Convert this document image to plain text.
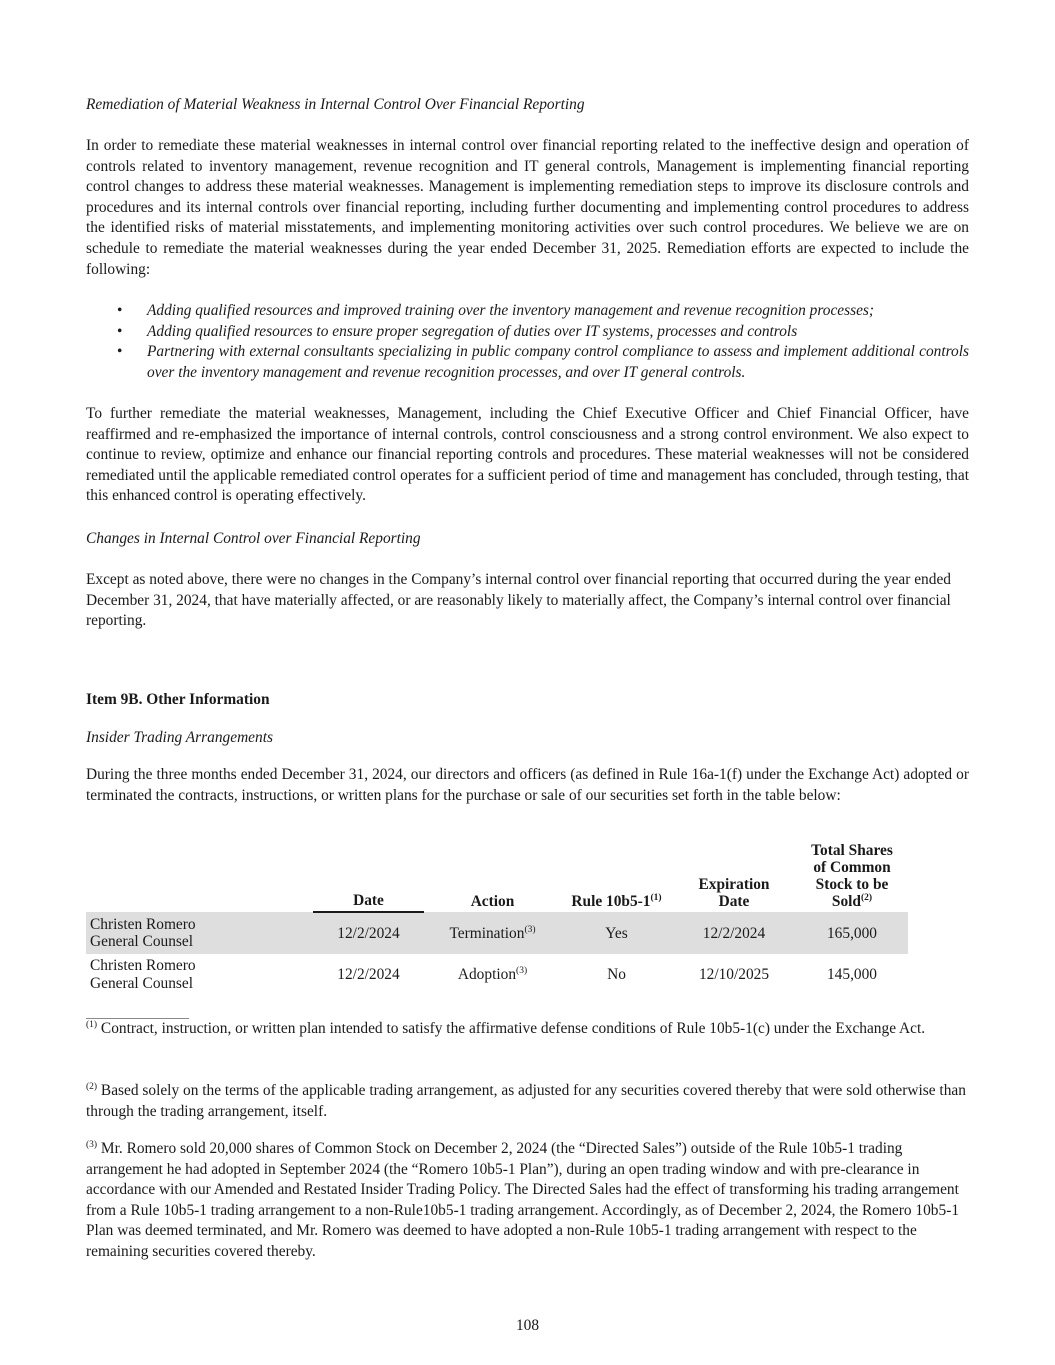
Remediation of Material Weakness in Internal Control Over Financial Reporting

In order to remediate these material weaknesses in internal control over financial reporting related to the ineffective design and operation of controls related to inventory management, revenue recognition and IT general controls, Management is implementing financial reporting control changes to address these material weaknesses. Management is implementing remediation steps to improve its disclosure controls and procedures and its internal controls over financial reporting, including further documenting and implementing control procedures to address the identified risks of material misstatements, and implementing monitoring activities over such control procedures. We believe we are on schedule to remediate the material weaknesses during the year ended December 31, 2025. Remediation efforts are expected to include the following:

• Adding qualified resources and improved training over the inventory management and revenue recognition processes;
• Adding qualified resources to ensure proper segregation of duties over IT systems, processes and controls
• Partnering with external consultants specializing in public company control compliance to assess and implement additional controls over the inventory management and revenue recognition processes, and over IT general controls.

To further remediate the material weaknesses, Management, including the Chief Executive Officer and Chief Financial Officer, have reaffirmed and re-emphasized the importance of internal controls, control consciousness and a strong control environment. We also expect to continue to review, optimize and enhance our financial reporting controls and procedures. These material weaknesses will not be considered remediated until the applicable remediated control operates for a sufficient period of time and management has concluded, through testing, that this enhanced control is operating effectively.

Changes in Internal Control over Financial Reporting

Except as noted above, there were no changes in the Company’s internal control over financial reporting that occurred during the year ended December 31, 2024, that have materially affected, or are reasonably likely to materially affect, the Company’s internal control over financial reporting.

Item 9B. Other Information

Insider Trading Arrangements

During the three months ended December 31, 2024, our directors and officers (as defined in Rule 16a-1(f) under the Exchange Act) adopted or terminated the contracts, instructions, or written plans for the purchase or sale of our securities set forth in the table below:

	Date	Action	Rule 10b5-1$^{(1)}$	Expiration
Date	Total Shares
of Common
Stock to be
Sold$^{(2)}$
Christen Romero
General Counsel	12/2/2024	Termination$^{(3)}$	Yes	12/2/2024	165,000
Christen Romero
General Counsel	12/2/2024	Adoption$^{(3)}$	No	12/10/2025	145,000

$^{(1)}$ Contract, instruction, or written plan intended to satisfy the affirmative defense conditions of Rule 10b5-1(c) under the Exchange Act.

$^{(2)}$ Based solely on the terms of the applicable trading arrangement, as adjusted for any securities covered thereby that were sold otherwise than through the trading arrangement, itself.

$^{(3)}$ Mr. Romero sold 20,000 shares of Common Stock on December 2, 2024 (the “Directed Sales”) outside of the Rule 10b5-1 trading arrangement he had adopted in September 2024 (the “Romero 10b5-1 Plan”), during an open trading window and with pre-clearance in accordance with our Amended and Restated Insider Trading Policy. The Directed Sales had the effect of transforming his trading arrangement from a Rule 10b5-1 trading arrangement to a non-Rule10b5-1 trading arrangement. Accordingly, as of December 2, 2024, the Romero 10b5-1 Plan was deemed terminated, and Mr. Romero was deemed to have adopted a non-Rule 10b5-1 trading arrangement with respect to the remaining securities covered thereby.

108
